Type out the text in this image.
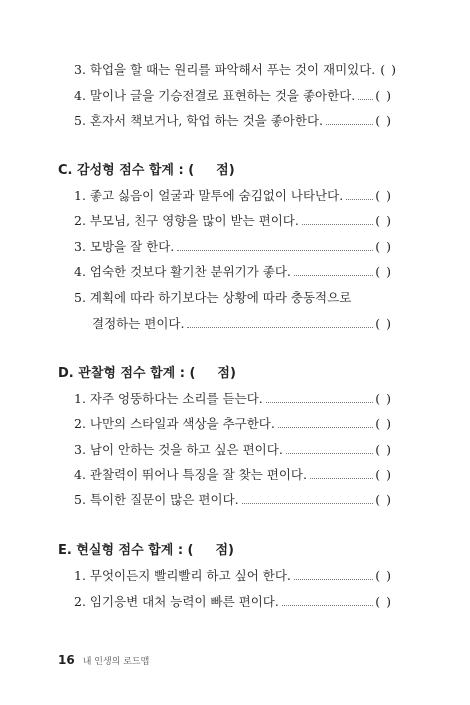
3. 학업을 할 때는 원리를 파악해서 푸는 것이 재미있다. ( )
4. 말이나 글을 기승전결로 표현하는 것을 좋아한다. ( )
5. 혼자서 책보거나, 학업 하는 것을 좋아한다.	( )
C. 감성형 점수 합계 : ( 점)
1. 좋고 싫음이 얼굴과 말투에 숨김없이 나타난다.	( )
2. 부모님, 친구 영향을 많이 받는 편이다.	( )
3. 모방을 잘 한다.	( )
4. 엄숙한 것보다 활기찬 분위기가 좋다.	( )
5. 계획에 따라 하기보다는 상황에 따라 충동적으로
결정하는 편이다.	( )
D. 관찰형 점수 합계 : ( 점)
1. 자주 엉뚱하다는 소리를 듣는다.	( )
2. 나만의 스타일과 색상을 추구한다.	( )
3. 남이 안하는 것을 하고 싶은 편이다.	( )
4. 관찰력이 뛰어나 특징을 잘 찾는 편이다.	( )
5. 특이한 질문이 많은 편이다.	( )
E. 현실형 점수 합계 : ( 점)
1. 무엇이든지 빨리빨리 하고 싶어 한다.	( )
2. 임기응변 대처 능력이 빠른 편이다.	( )
16 내 인생의 로드맵
